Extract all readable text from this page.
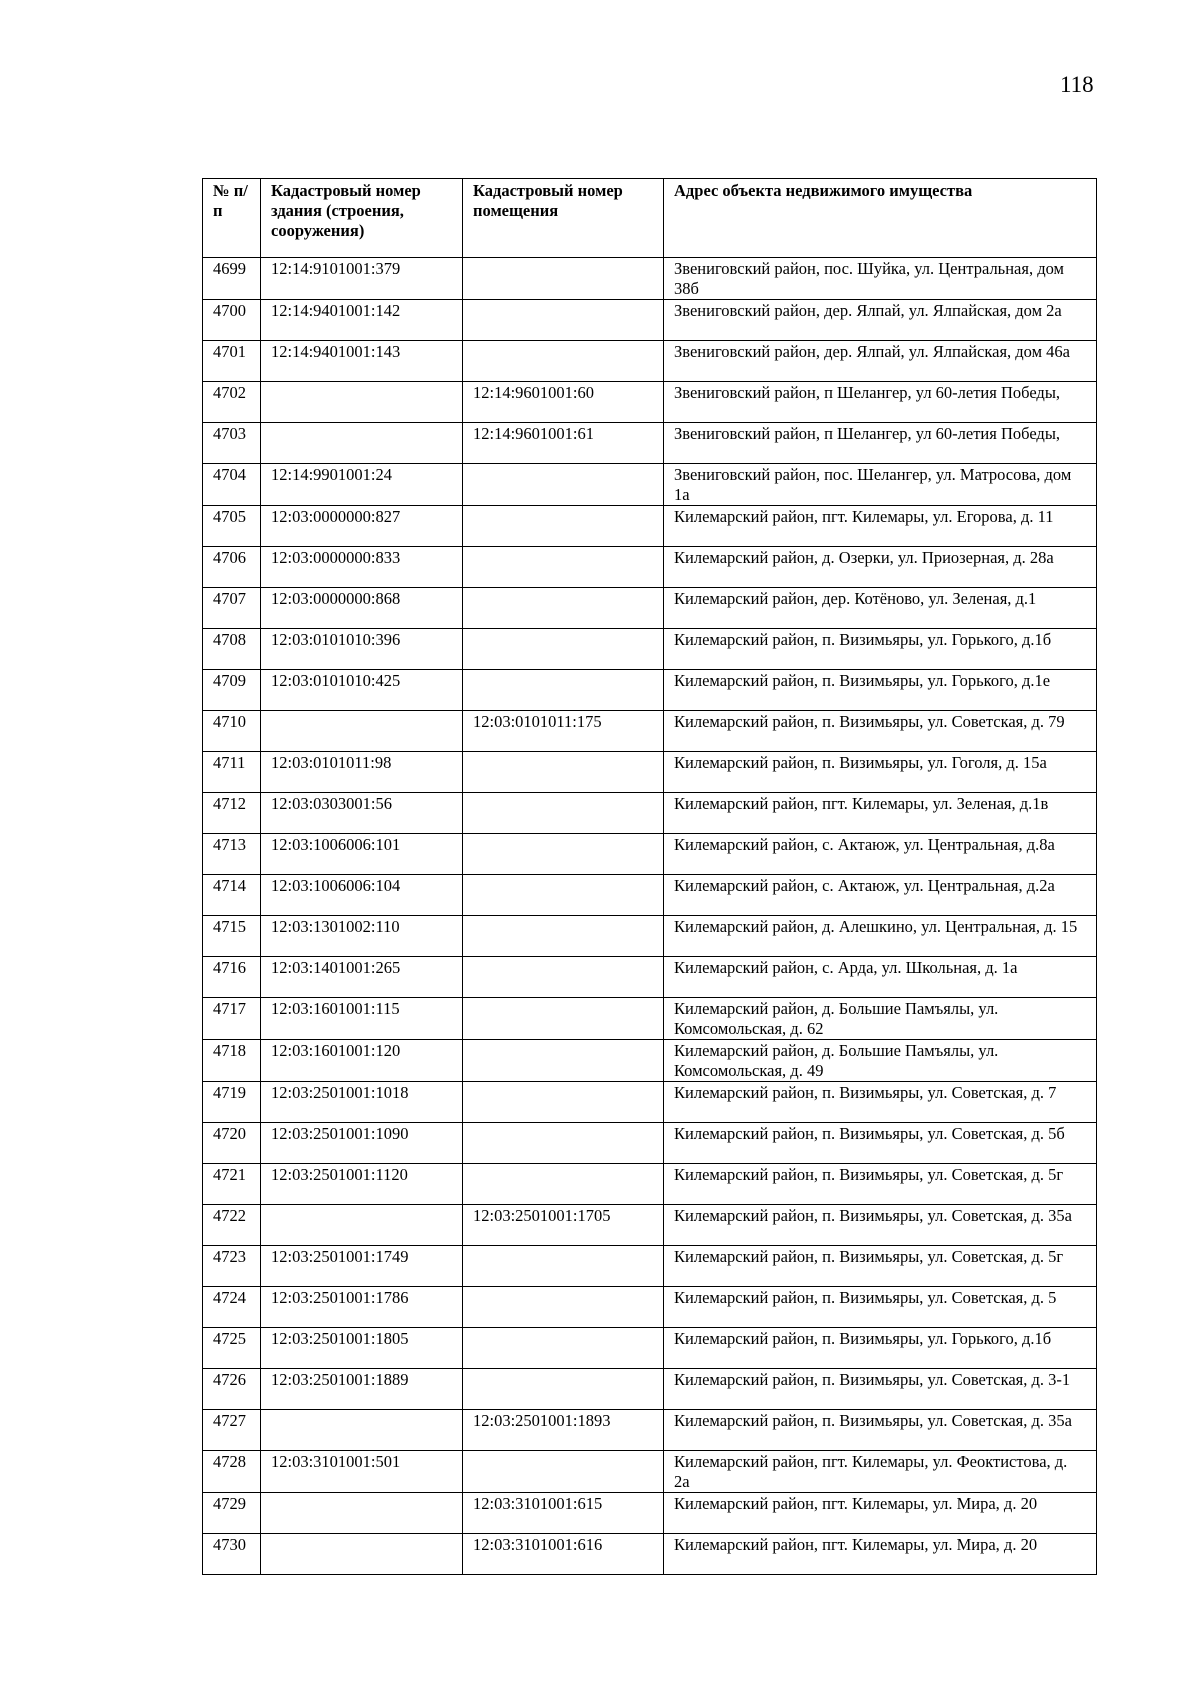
118
№ п/п	Кадастровый номер здания (строения, сооружения)	Кадастровый номер помещения	Адрес объекта недвижимого имущества
4699	12:14:9101001:379		Звениговский район, пос. Шуйка, ул. Центральная, дом 38б
4700	12:14:9401001:142		Звениговский район, дер. Ялпай, ул. Ялпайская, дом 2а
4701	12:14:9401001:143		Звениговский район, дер. Ялпай, ул. Ялпайская, дом 46а
4702		12:14:9601001:60	Звениговский район, п Шелангер, ул 60-летия Победы,
4703		12:14:9601001:61	Звениговский район, п Шелангер, ул 60-летия Победы,
4704	12:14:9901001:24		Звениговский район, пос. Шелангер, ул. Матросова, дом 1а
4705	12:03:0000000:827		Килемарский район, пгт. Килемары, ул. Егорова, д. 11
4706	12:03:0000000:833		Килемарский район, д. Озерки, ул. Приозерная, д. 28а
4707	12:03:0000000:868		Килемарский район, дер. Котёново, ул. Зеленая, д.1
4708	12:03:0101010:396		Килемарский район, п. Визимьяры, ул. Горького, д.1б
4709	12:03:0101010:425		Килемарский район, п. Визимьяры, ул. Горького, д.1е
4710		12:03:0101011:175	Килемарский район, п. Визимьяры, ул. Советская, д. 79
4711	12:03:0101011:98		Килемарский район, п. Визимьяры, ул. Гоголя, д. 15а
4712	12:03:0303001:56		Килемарский район, пгт. Килемары, ул. Зеленая, д.1в
4713	12:03:1006006:101		Килемарский район, с. Актаюж, ул. Центральная, д.8а
4714	12:03:1006006:104		Килемарский район, с. Актаюж, ул. Центральная, д.2а
4715	12:03:1301002:110		Килемарский район, д. Алешкино, ул. Центральная, д. 15
4716	12:03:1401001:265		Килемарский район, с. Арда, ул. Школьная, д. 1а
4717	12:03:1601001:115		Килемарский район, д. Большие Памъялы, ул. Комсомольская, д. 62
4718	12:03:1601001:120		Килемарский район, д. Большие Памъялы, ул. Комсомольская, д. 49
4719	12:03:2501001:1018		Килемарский район, п. Визимьяры, ул. Советская, д. 7
4720	12:03:2501001:1090		Килемарский район, п. Визимьяры, ул. Советская, д. 5б
4721	12:03:2501001:1120		Килемарский район, п. Визимьяры, ул. Советская, д. 5г
4722		12:03:2501001:1705	Килемарский район, п. Визимьяры, ул. Советская, д. 35а
4723	12:03:2501001:1749		Килемарский район, п. Визимьяры, ул. Советская, д. 5г
4724	12:03:2501001:1786		Килемарский район, п. Визимьяры, ул. Советская, д. 5
4725	12:03:2501001:1805		Килемарский район, п. Визимьяры, ул. Горького, д.1б
4726	12:03:2501001:1889		Килемарский район, п. Визимьяры, ул. Советская, д. 3-1
4727		12:03:2501001:1893	Килемарский район, п. Визимьяры, ул. Советская, д. 35а
4728	12:03:3101001:501		Килемарский район, пгт. Килемары, ул. Феоктистова, д. 2а
4729		12:03:3101001:615	Килемарский район, пгт. Килемары, ул. Мира, д. 20
4730		12:03:3101001:616	Килемарский район, пгт. Килемары, ул. Мира, д. 20
